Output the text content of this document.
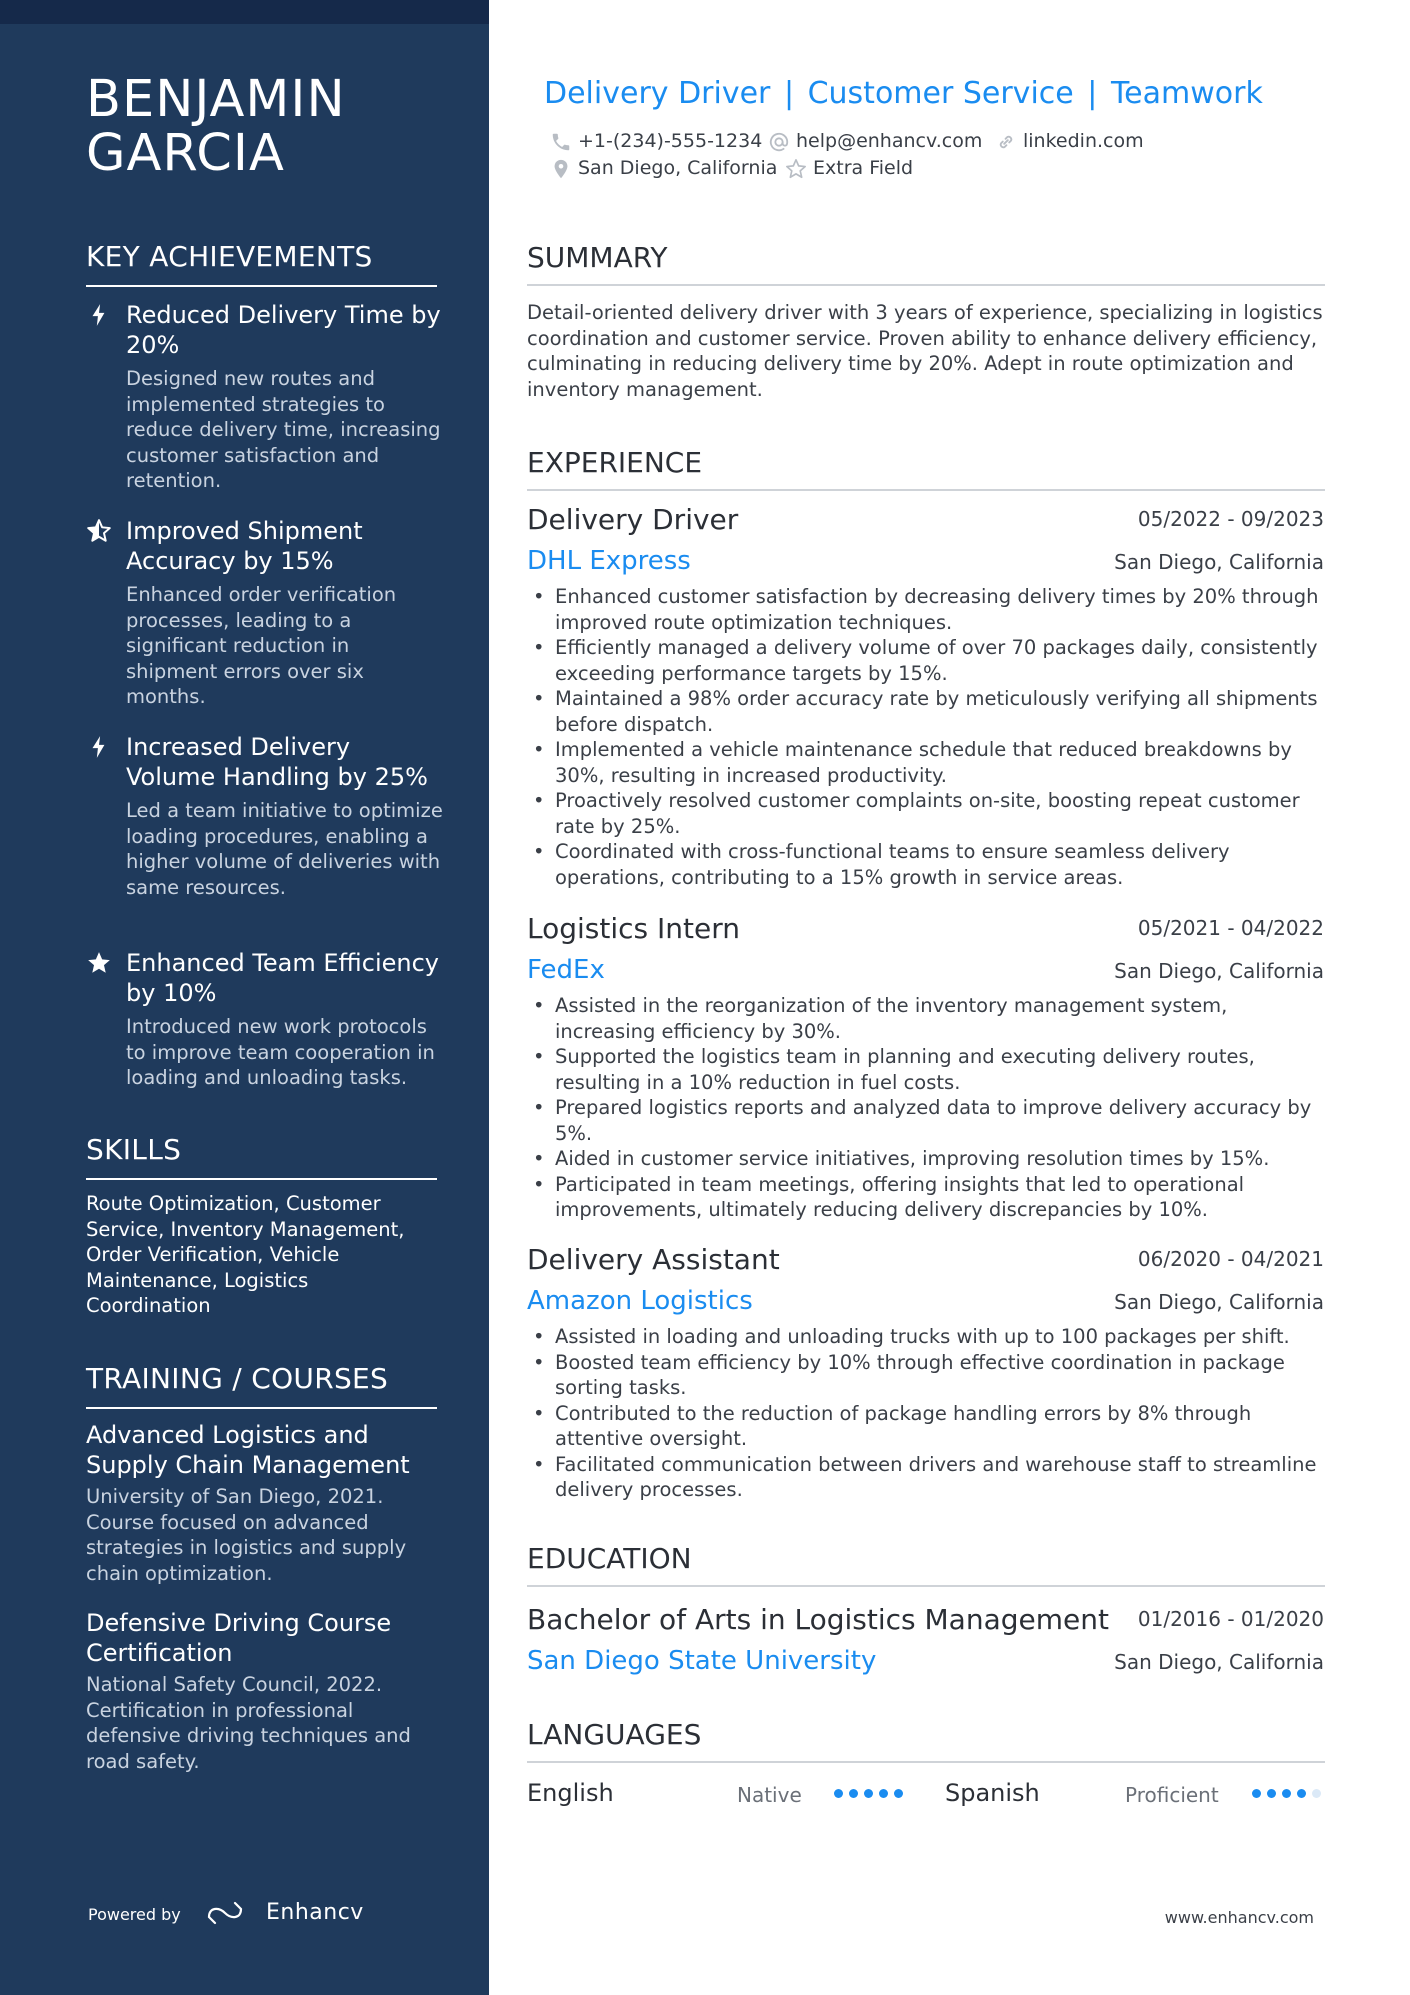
BENJAMIN
GARCIA
KEY ACHIEVEMENTS
Reduced Delivery Time by 20%
Designed new routes and implemented strategies to reduce delivery time, increasing customer satisfaction and retention.
Improved Shipment Accuracy by 15%
Enhanced order verification processes, leading to a significant reduction in shipment errors over six months.
Increased Delivery Volume Handling by 25%
Led a team initiative to optimize loading procedures, enabling a higher volume of deliveries with same resources.
Enhanced Team Efficiency by 10%
Introduced new work protocols to improve team cooperation in loading and unloading tasks.
SKILLS
Route Optimization, Customer Service, Inventory Management, Order Verification, Vehicle Maintenance, Logistics Coordination
TRAINING / COURSES
Advanced Logistics and Supply Chain Management
University of San Diego, 2021. Course focused on advanced strategies in logistics and supply chain optimization.
Defensive Driving Course Certification
National Safety Council, 2022. Certification in professional defensive driving techniques and road safety.
Powered by	Enhancv
Delivery Driver | Customer Service | Teamwork
+1-(234)-555-1234 help@enhancv.com linkedin.com
San Diego, California Extra Field
SUMMARY
Detail-oriented delivery driver with 3 years of experience, specializing in logistics coordination and customer service. Proven ability to enhance delivery efficiency, culminating in reducing delivery time by 20%. Adept in route optimization and inventory management.
EXPERIENCE
Delivery Driver	05/2022 - 09/2023
DHL Express	San Diego, California
• Enhanced customer satisfaction by decreasing delivery times by 20% through improved route optimization techniques.
• Efficiently managed a delivery volume of over 70 packages daily, consistently exceeding performance targets by 15%.
• Maintained a 98% order accuracy rate by meticulously verifying all shipments before dispatch.
• Implemented a vehicle maintenance schedule that reduced breakdowns by 30%, resulting in increased productivity.
• Proactively resolved customer complaints on-site, boosting repeat customer rate by 25%.
• Coordinated with cross-functional teams to ensure seamless delivery operations, contributing to a 15% growth in service areas.
Logistics Intern	05/2021 - 04/2022
FedEx	San Diego, California
• Assisted in the reorganization of the inventory management system, increasing efficiency by 30%.
• Supported the logistics team in planning and executing delivery routes, resulting in a 10% reduction in fuel costs.
• Prepared logistics reports and analyzed data to improve delivery accuracy by 5%.
• Aided in customer service initiatives, improving resolution times by 15%.
• Participated in team meetings, offering insights that led to operational improvements, ultimately reducing delivery discrepancies by 10%.
Delivery Assistant	06/2020 - 04/2021
Amazon Logistics	San Diego, California
• Assisted in loading and unloading trucks with up to 100 packages per shift.
• Boosted team efficiency by 10% through effective coordination in package sorting tasks.
• Contributed to the reduction of package handling errors by 8% through attentive oversight.
• Facilitated communication between drivers and warehouse staff to streamline delivery processes.
EDUCATION
Bachelor of Arts in Logistics Management 01/2016 - 01/2020
San Diego State University	San Diego, California
LANGUAGES
English	Native	Spanish	Proficient
www.enhancv.com
